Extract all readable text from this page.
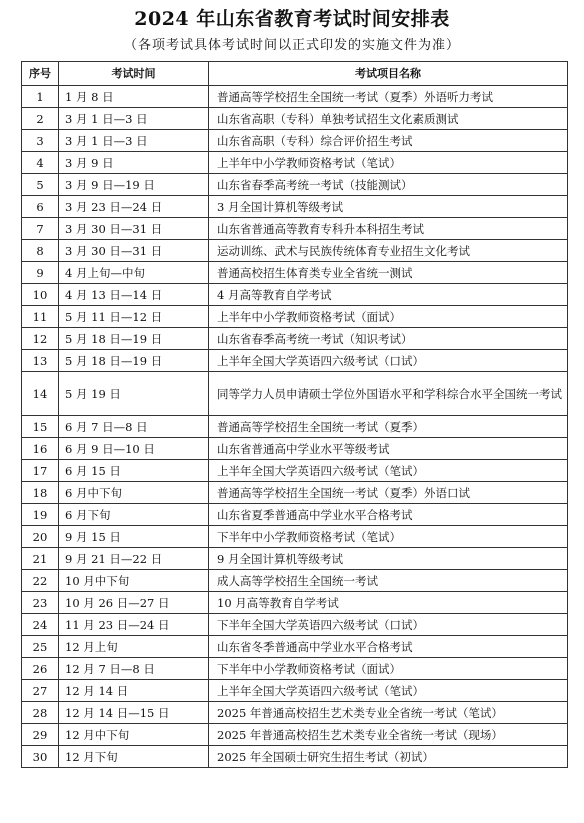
2024 年山东省教育考试时间安排表
（各项考试具体考试时间以正式印发的实施文件为准）
序号	考试时间	考试项目名称
1	1 月 8 日	普通高等学校招生全国统一考试（夏季）外语听力考试
2	3 月 1 日—3 日	山东省高职（专科）单独考试招生文化素质测试
3	3 月 1 日—3 日	山东省高职（专科）综合评价招生考试
4	3 月 9 日	上半年中小学教师资格考试（笔试）
5	3 月 9 日—19 日	山东省春季高考统一考试（技能测试）
6	3 月 23 日—24 日	3 月全国计算机等级考试
7	3 月 30 日—31 日	山东省普通高等教育专科升本科招生考试
8	3 月 30 日—31 日	运动训练、武术与民族传统体育专业招生文化考试
9	4 月上旬—中旬	普通高校招生体育类专业全省统一测试
10	4 月 13 日—14 日	4 月高等教育自学考试
11	5 月 11 日—12 日	上半年中小学教师资格考试（面试）
12	5 月 18 日—19 日	山东省春季高考统一考试（知识考试）
13	5 月 18 日—19 日	上半年全国大学英语四六级考试（口试）
14	5 月 19 日	同等学力人员申请硕士学位外国语水平和学科综合水平全国统一考试
15	6 月 7 日—8 日	普通高等学校招生全国统一考试（夏季）
16	6 月 9 日—10 日	山东省普通高中学业水平等级考试
17	6 月 15 日	上半年全国大学英语四六级考试（笔试）
18	6 月中下旬	普通高等学校招生全国统一考试（夏季）外语口试
19	6 月下旬	山东省夏季普通高中学业水平合格考试
20	9 月 15 日	下半年中小学教师资格考试（笔试）
21	9 月 21 日—22 日	9 月全国计算机等级考试
22	10 月中下旬	成人高等学校招生全国统一考试
23	10 月 26 日—27 日	10 月高等教育自学考试
24	11 月 23 日—24 日	下半年全国大学英语四六级考试（口试）
25	12 月上旬	山东省冬季普通高中学业水平合格考试
26	12 月 7 日—8 日	下半年中小学教师资格考试（面试）
27	12 月 14 日	上半年全国大学英语四六级考试（笔试）
28	12 月 14 日—15 日	2025 年普通高校招生艺术类专业全省统一考试（笔试）
29	12 月中下旬	2025 年普通高校招生艺术类专业全省统一考试（现场）
30	12 月下旬	2025 年全国硕士研究生招生考试（初试）
